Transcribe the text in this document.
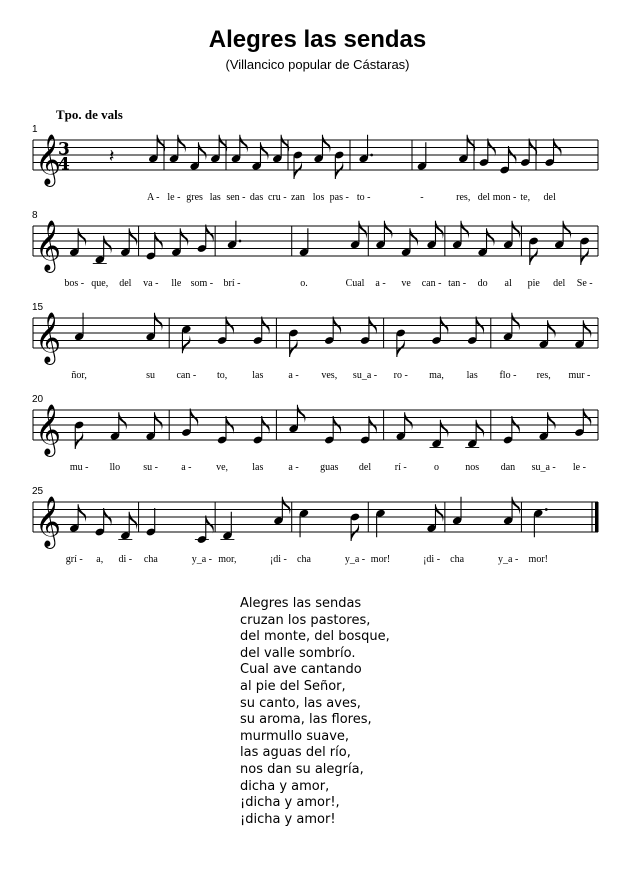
Alegres las sendas
(Villancico popular de Cástaras)
Tpo. de vals
1
𝄞
3
4 𝄽
A - le - gres las sen - das cru - zan los pas - to -	-	res, del mon - te, del
8
𝄞
bos - que, del va - lle som - brí -	o.	Cual a - ve can - tan - do al pie del Se -
15
𝄞
ñor,	su can - to,	las	a - ves, su_a - ro - ma, las flo - res, mur -
20
𝄞
mu - llo su - a - ve, las	a - guas del rí -	o	nos dan su_a - le -
25
𝄞
grí - a, di - cha	y_a - mor,	¡di - cha	y_a - mor!	¡di - cha	y_a - mor!
Alegres las sendas
cruzan los pastores,
del monte, del bosque,
del valle sombrío.
Cual ave cantando
al pie del Señor,
su canto, las aves,
su aroma, las flores,
murmullo suave,
las aguas del río,
nos dan su alegría,
dicha y amor,
¡dicha y amor!,
¡dicha y amor!
